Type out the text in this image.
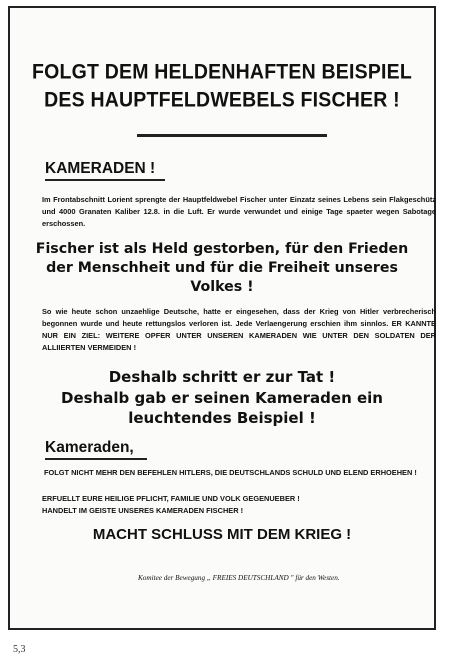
FOLGT DEM HELDENHAFTEN BEISPIEL
DES HAUPTFELDWEBELS FISCHER !
KAMERADEN !
Im Frontabschnitt Lorient sprengte der Hauptfeldwebel Fischer unter Einzatz seines Lebens sein Flakgeschütz und 4000 Granaten Kaliber 12.8. in die Luft. Er wurde verwundet und einige Tage spaeter wegen Sabotage erschossen.
Fischer ist als Held gestorben, für den Frieden
der Menschheit und für die Freiheit unseres
Volkes !
So wie heute schon unzaehlige Deutsche, hatte er eingesehen, dass der Krieg von Hitler verbrecherisch begonnen wurde und heute rettungslos verloren ist. Jede Verlaengerung erschien ihm sinnlos. ER KANNTE NUR EIN ZIEL: WEITERE OPFER UNTER UNSEREN KAMERADEN WIE UNTER DEN SOLDATEN DER ALLIIERTEN VERMEIDEN !
Deshalb schritt er zur Tat !
Deshalb gab er seinen Kameraden ein
leuchtendes Beispiel !
Kameraden,
FOLGT NICHT MEHR DEN BEFEHLEN HITLERS, DIE DEUTSCHLANDS SCHULD UND ELEND ERHOEHEN !
ERFUELLT EURE HEILIGE PFLICHT, FAMILIE UND VOLK GEGENUEBER !
HANDELT IM GEISTE UNSERES KAMERADEN FISCHER !
MACHT SCHLUSS MIT DEM KRIEG !
Komitee der Bewegung „ FREIES DEUTSCHLAND " für den Westen.
5,3
